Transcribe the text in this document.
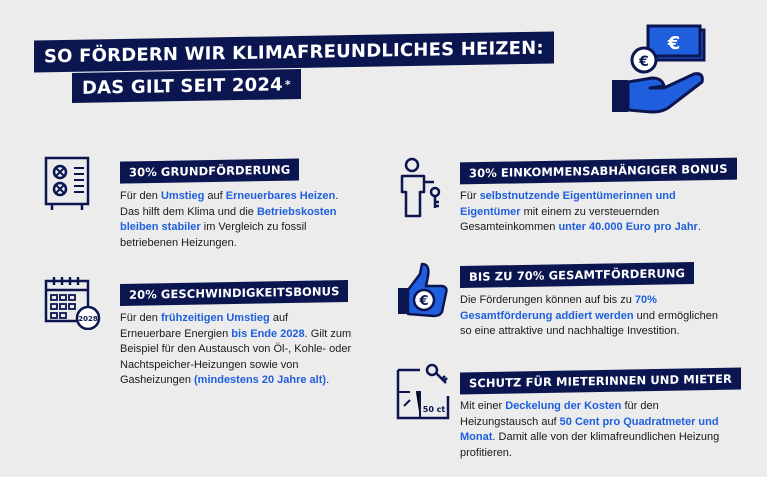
SO FÖRDERN WIR KLIMAFREUNDLICHES HEIZEN:
DAS GILT SEIT 2024 *
€
€
2028
€
50 ct
30% GRUNDFÖRDERUNG
Für den Umstieg auf Erneuerbares Heizen. Das hilft dem Klima und die Betriebskosten bleiben stabiler im Vergleich zu fossil betriebenen Heizungen.
20% GESCHWINDIGKEITSBONUS
Für den frühzeitigen Umstieg auf Erneuerbare Energien bis Ende 2028. Gilt zum Beispiel für den Austausch von Öl-, Kohle- oder Nachtspeicher-Heizungen sowie von Gasheizungen (mindestens 20 Jahre alt).
30% EINKOMMENSABHÄNGIGER BONUS
Für selbstnutzende Eigentümerinnen und Eigentümer mit einem zu versteuernden Gesamteinkommen unter 40.000 Euro pro Jahr.
BIS ZU 70% GESAMTFÖRDERUNG
Die Förderungen können auf bis zu 70% Gesamtförderung addiert werden und ermöglichen so eine attraktive und nachhaltige Investition.
SCHUTZ FÜR MIETERINNEN UND MIETER
Mit einer Deckelung der Kosten für den Heizungstausch auf 50 Cent pro Quadratmeter und Monat. Damit alle von der klimafreundlichen Heizung profitieren.
